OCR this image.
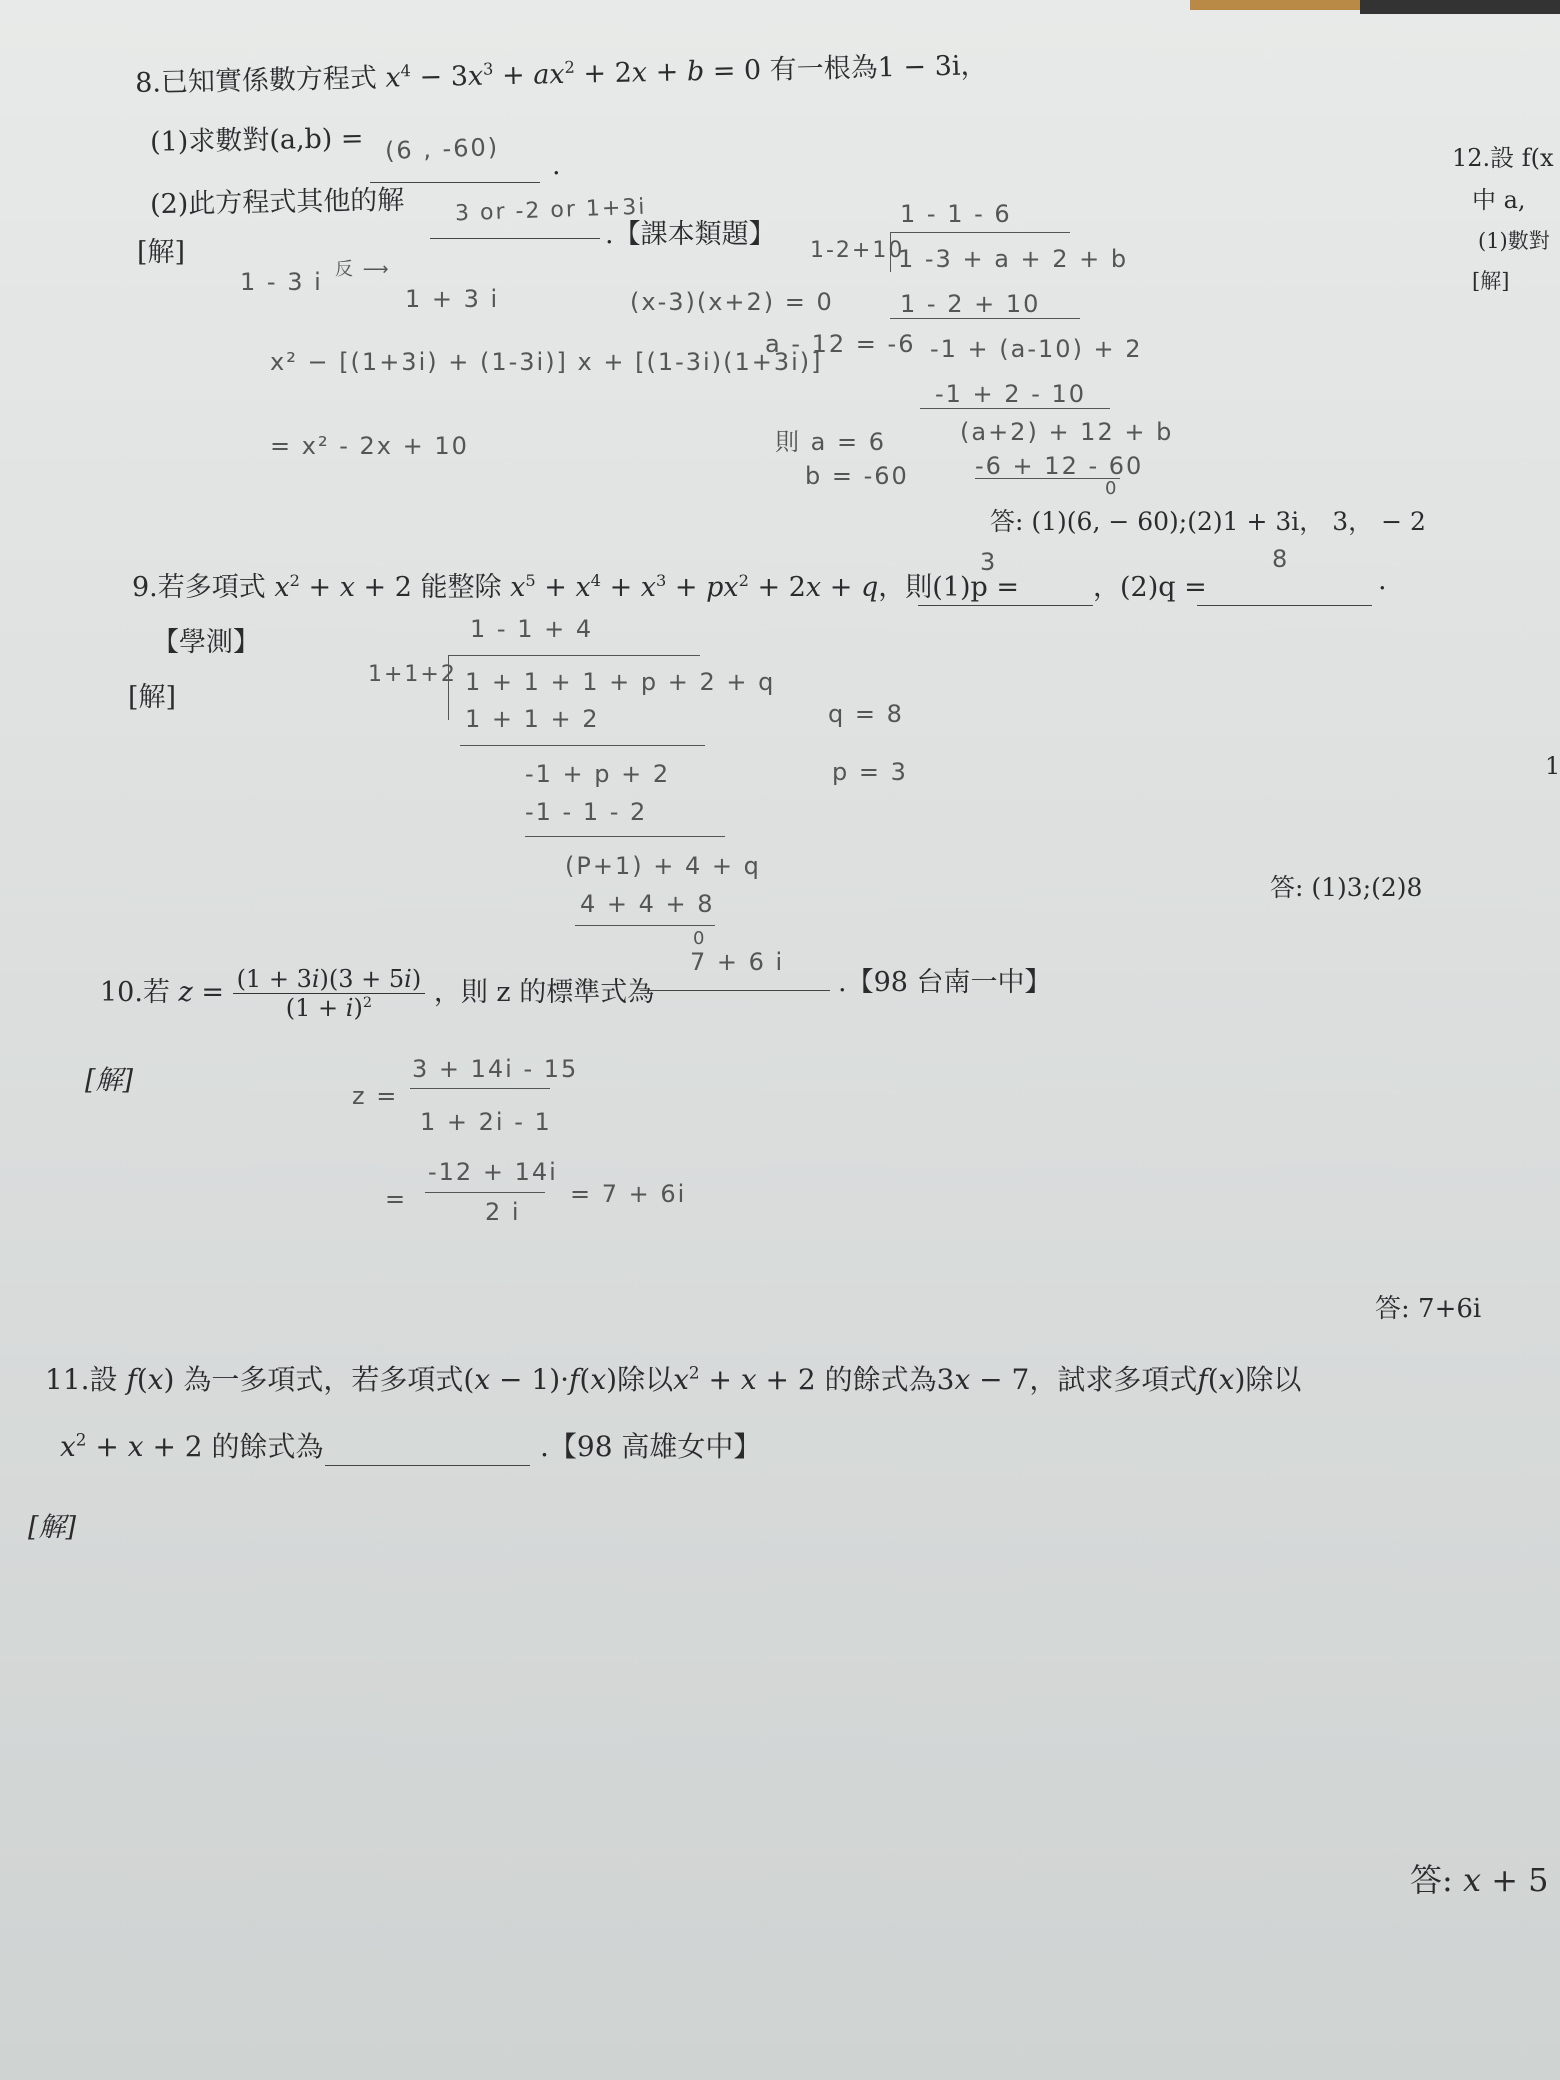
8.已知實係數方程式 $x^4 - 3x^3 + ax^2 + 2x + b = 0$ 有一根為1 − 3i，
(1)求數對(a,b) = (6 , -60)
.
(2)此方程式其他的解 3 or -2 or 1+3i
.【課本類題】
[解]
1 - 3 i 反 ⟶
1 + 3 i
x² − [(1+3i) + (1-3i)] x + [(1-3i)(1+3i)]
= x² - 2x + 10
(x-3)(x+2) = 0
a - 12 = -6
則 a = 6
b = -60
1 - 1 - 6
1-2+10
1 -3 + a + 2 + b
1 - 2 + 10
-1 + (a-10) + 2
-1 + 2 - 10
(a+2) + 12 + b
-6 + 12 - 60
0
答: (1)(6, − 60);(2)1 + 3i， 3， − 2
12.設 f(x
中 a,
(1)數對
[解]
1
9.若多項式 $x^2 + x + 2$ 能整除 $x^5 + x^4 + x^3 + px^2 + 2x + q$，則(1)p =
3
，(2)q =
8
.
【學測】
[解]
1 - 1 + 4
1+1+2 1 + 1 + 1 + p + 2 + q
1 + 1 + 2
-1 + p + 2
-1 - 1 - 2
(P+1) + 4 + q
4 + 4 + 8
0
q = 8
p = 3
答: (1)3;(2)8
10.若 $z = \frac{(1 + 3i)(3 + 5i)}{(1 + i)^2}$ ，則 z 的標準式為
7 + 6 i
.【98 台南一中】
[解]	z =
3 + 14i - 15
1 + 2i - 1
=
-12 + 14i
2 i
= 7 + 6i
答: 7+6i
11.設 f(x) 為一多項式，若多項式(x − 1)·f(x)除以$x^2 + x + 2$ 的餘式為3x − 7，試求多項式f(x)除以
$x^2 + x + 2$ 的餘式為	.【98 高雄女中】
[解]
答: x + 5
